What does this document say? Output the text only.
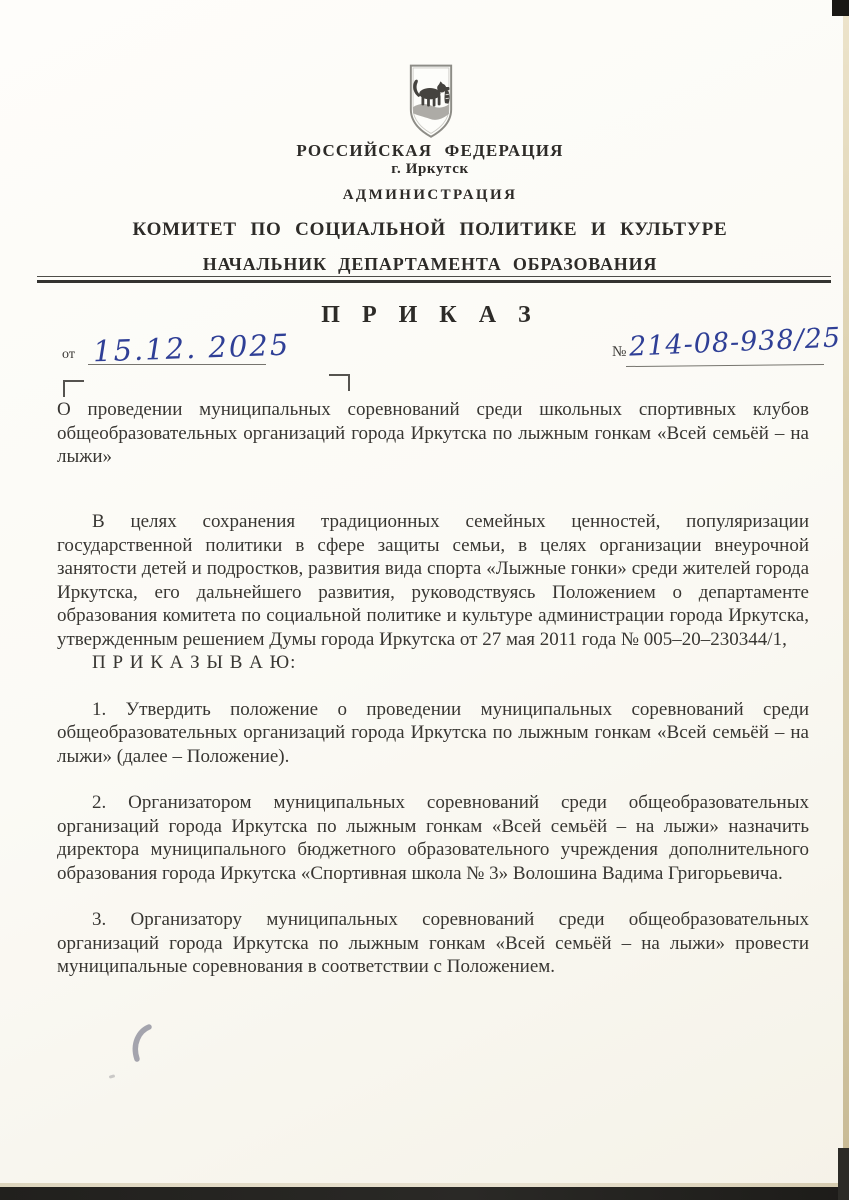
РОССИЙСКАЯ ФЕДЕРАЦИЯ
г. Иркутск
АДМИНИСТРАЦИЯ
КОМИТЕТ ПО СОЦИАЛЬНОЙ ПОЛИТИКЕ И КУЛЬТУРЕ
НАЧАЛЬНИК ДЕПАРТАМЕНТА ОБРАЗОВАНИЯ
П Р И К А З
от 15.12. 2025	№ 214-08-938/25
О проведении муниципальных соревнований среди школьных спортивных клубов общеобразовательных организаций города Иркутска по лыжным гонкам «Всей семьёй – на лыжи»

В целях сохранения традиционных семейных ценностей, популяризации государственной политики в сфере защиты семьи, в целях организации внеурочной занятости детей и подростков, развития вида спорта «Лыжные гонки» среди жителей города Иркутска, его дальнейшего развития, руководствуясь Положением о департаменте образования комитета по социальной политике и культуре администрации города Иркутска, утвержденным решением Думы города Иркутска от 27 мая 2011 года № 005–20–230344/1,

П Р И К А З Ы В А Ю:

1. Утвердить положение о проведении муниципальных соревнований среди общеобразовательных организаций города Иркутска по лыжным гонкам «Всей семьёй – на лыжи» (далее – Положение).

2. Организатором муниципальных соревнований среди общеобразовательных организаций города Иркутска по лыжным гонкам «Всей семьёй – на лыжи» назначить директора муниципального бюджетного образовательного учреждения дополнительного образования города Иркутска «Спортивная школа № 3» Волошина Вадима Григорьевича.

3. Организатору муниципальных соревнований среди общеобразовательных организаций города Иркутска по лыжным гонкам «Всей семьёй – на лыжи» провести муниципальные соревнования в соответствии с Положением.
